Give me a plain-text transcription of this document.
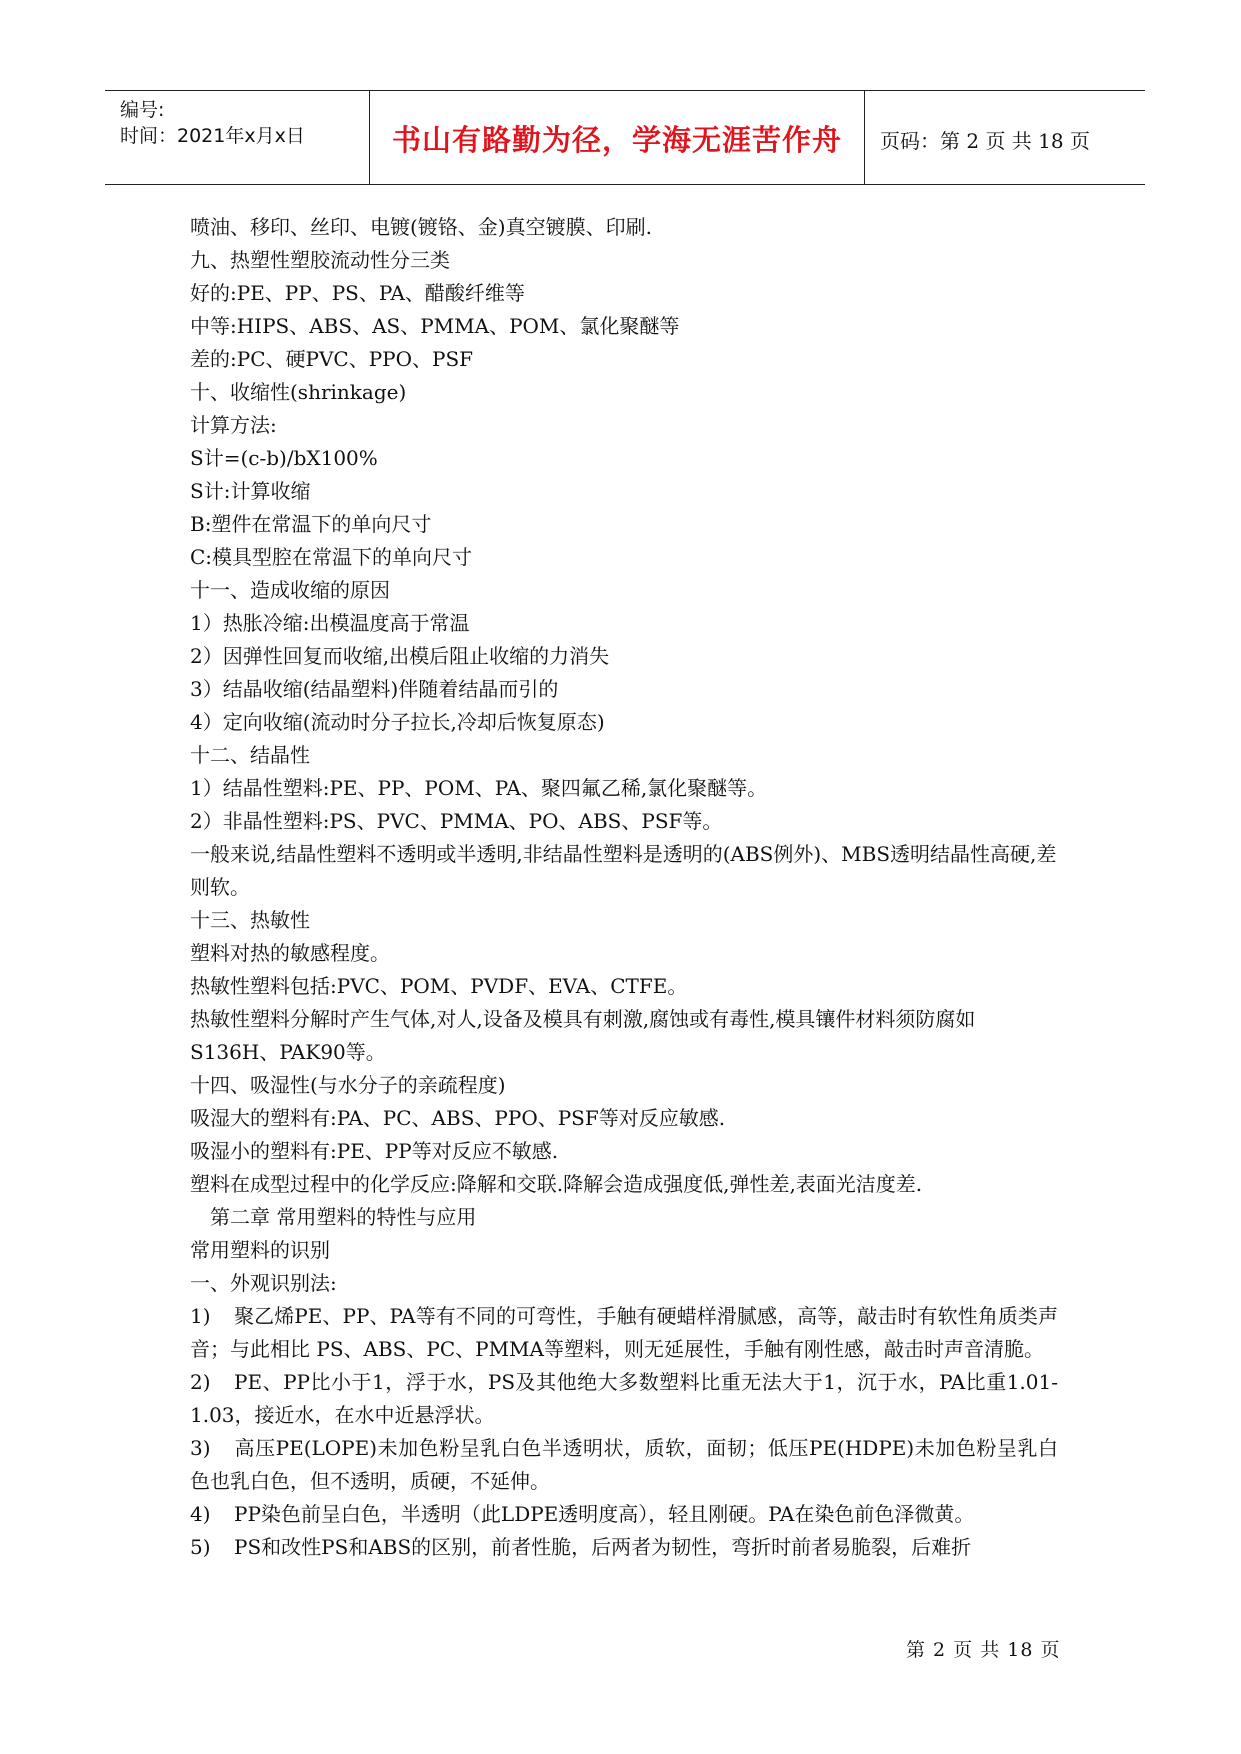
编号:
时间：2021年x月x日	书山有路勤为径，学海无涯苦作舟	页码：第 2 页 共 18 页
喷油、移印、丝印、电镀(镀铬、金)真空镀膜、印刷.
九、热塑性塑胶流动性分三类
好的:PE、PP、PS、PA、醋酸纤维等
中等:HIPS、ABS、AS、PMMA、POM、氯化聚醚等
差的:PC、硬PVC、PPO、PSF
十、收缩性(shrinkage)
计算方法:
S计=(c-b)/bX100%
S计:计算收缩
B:塑件在常温下的单向尺寸
C:模具型腔在常温下的单向尺寸
十一、造成收缩的原因
1）热胀冷缩:出模温度高于常温
2）因弹性回复而收缩,出模后阻止收缩的力消失
3）结晶收缩(结晶塑料)伴随着结晶而引的
4）定向收缩(流动时分子拉长,冷却后恢复原态)
十二、结晶性
1）结晶性塑料:PE、PP、POM、PA、聚四氟乙稀,氯化聚醚等。
2）非晶性塑料:PS、PVC、PMMA、PO、ABS、PSF等。
一般来说,结晶性塑料不透明或半透明,非结晶性塑料是透明的(ABS例外)、MBS透明结晶性高硬,差则软。
十三、热敏性
塑料对热的敏感程度。
热敏性塑料包括:PVC、POM、PVDF、EVA、CTFE。
热敏性塑料分解时产生气体,对人,设备及模具有刺激,腐蚀或有毒性,模具镶件材料须防腐如S136H、PAK90等。
十四、吸湿性(与水分子的亲疏程度)
吸湿大的塑料有:PA、PC、ABS、PPO、PSF等对反应敏感.
吸湿小的塑料有:PE、PP等对反应不敏感.
塑料在成型过程中的化学反应:降解和交联.降解会造成强度低,弹性差,表面光洁度差.
第二章 常用塑料的特性与应用
常用塑料的识别
一、外观识别法:
1) 聚乙烯PE、PP、PA等有不同的可弯性，手触有硬蜡样滑腻感，高等，敲击时有软性角质类声音；与此相比 PS、ABS、PC、PMMA等塑料，则无延展性，手触有刚性感，敲击时声音清脆。
2) PE、PP比小于1，浮于水，PS及其他绝大多数塑料比重无法大于1，沉于水，PA比重1.01-1.03，接近水，在水中近悬浮状。
3) 高压PE(LOPE)未加色粉呈乳白色半透明状，质软，面韧；低压PE(HDPE)未加色粉呈乳白色也乳白色，但不透明，质硬，不延伸。
4) PP染色前呈白色，半透明（此LDPE透明度高），轻且刚硬。PA在染色前色泽微黄。
5) PS和改性PS和ABS的区别，前者性脆，后两者为韧性，弯折时前者易脆裂，后难折
第 2 页 共 18 页
